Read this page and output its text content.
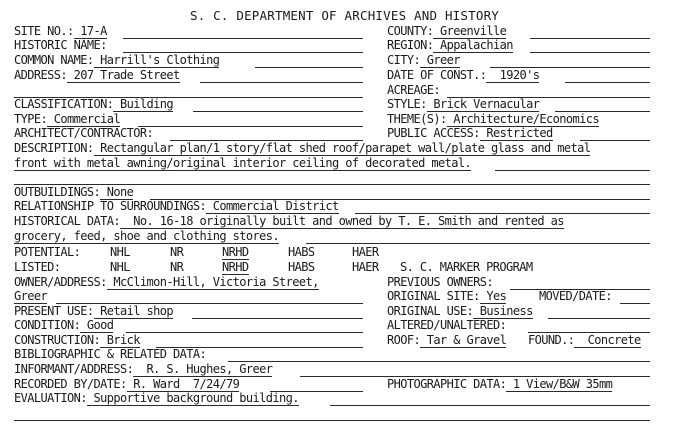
S. C. DEPARTMENT OF ARCHIVES AND HISTORY
SITE NO.: 17-A	COUNTY: Greenville
HISTORIC NAME:	REGION: Appalachian
COMMON NAME: Harrill's Clothing	CITY: Greer
ADDRESS: 207 Trade Street	DATE OF CONST.:  1920's
ACREAGE:
CLASSIFICATION: Building	STYLE: Brick Vernacular
TYPE: Commercial	THEME(S): Architecture/Economics
ARCHITECT/CONTRACTOR:	PUBLIC ACCESS: Restricted
DESCRIPTION: Rectangular plan/1 story/flat shed roof/parapet wall/plate glass and metal
front with metal awning/original interior ceiling of decorated metal.
OUTBUILDINGS: None
RELATIONSHIP TO SURROUNDINGS: Commercial District
HISTORICAL DATA:  No. 16-18 originally built and owned by T. E. Smith and rented as
grocery, feed, shoe and clothing stores.
POTENTIAL: NHL	NR	NRHD	HABS	HAER
LISTED:	NHL	NR	NRHD	HABS	HAER S. C. MARKER PROGRAM
OWNER/ADDRESS: McClimon-Hill, Victoria Street,	PREVIOUS OWNERS:
Greer	ORIGINAL SITE: Yes	MOVED/DATE:
PRESENT USE: Retail shop	ORIGINAL USE: Business
CONDITION: Good	ALTERED/UNALTERED:
CONSTRUCTION: Brick	ROOF: Tar & Gravel FOUND.:  Concrete
BIBLIOGRAPHIC & RELATED DATA:
INFORMANT/ADDRESS:  R. S. Hughes, Greer
RECORDED BY/DATE: R. Ward  7/24/79	PHOTOGRAPHIC DATA: 1 View/B&W 35mm
EVALUATION: Supportive background building.
